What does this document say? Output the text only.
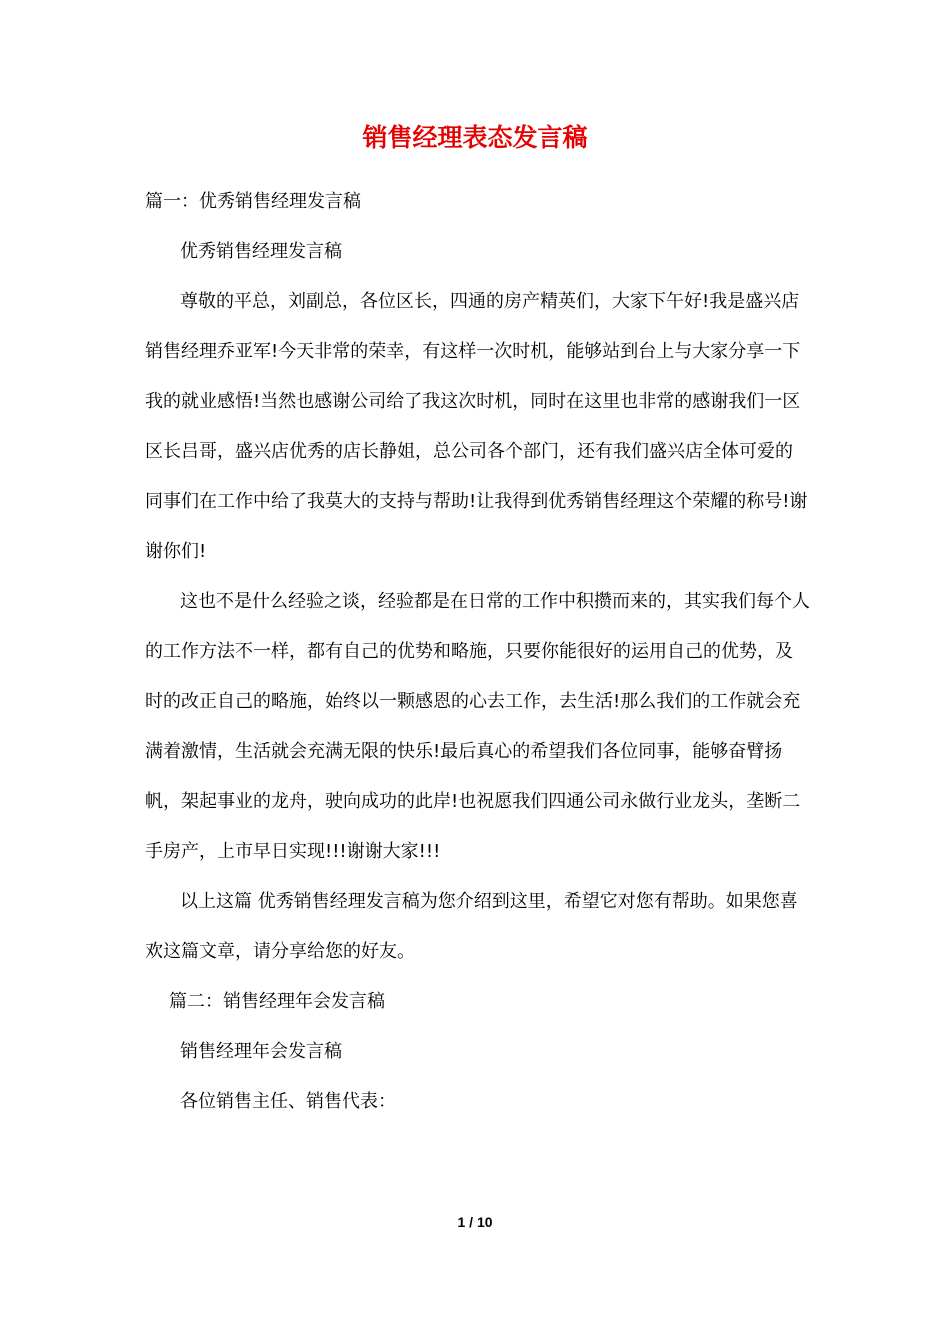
销售经理表态发言稿

篇一：优秀销售经理发言稿

优秀销售经理发言稿

尊敬的平总，刘副总，各位区长，四通的房产精英们，大家下午好!我是盛兴店销售经理乔亚军!今天非常的荣幸，有这样一次时机，能够站到台上与大家分享一下我的就业感悟!当然也感谢公司给了我这次时机，同时在这里也非常的感谢我们一区区长吕哥，盛兴店优秀的店长静姐，总公司各个部门，还有我们盛兴店全体可爱的同事们在工作中给了我莫大的支持与帮助!让我得到优秀销售经理这个荣耀的称号!谢谢你们!

这也不是什么经验之谈，经验都是在日常的工作中积攒而来的，其实我们每个人的工作方法不一样，都有自己的优势和略施，只要你能很好的运用自己的优势，及时的改正自己的略施，始终以一颗感恩的心去工作，去生活!那么我们的工作就会充满着激情，生活就会充满无限的快乐!最后真心的希望我们各位同事，能够奋臂扬帆，架起事业的龙舟，驶向成功的此岸!也祝愿我们四通公司永做行业龙头，垄断二手房产，上市早日实现!!!谢谢大家!!!

以上这篇 优秀销售经理发言稿为您介绍到这里，希望它对您有帮助。如果您喜欢这篇文章，请分享给您的好友。

篇二：销售经理年会发言稿

销售经理年会发言稿

各位销售主任、销售代表：

1 / 10
